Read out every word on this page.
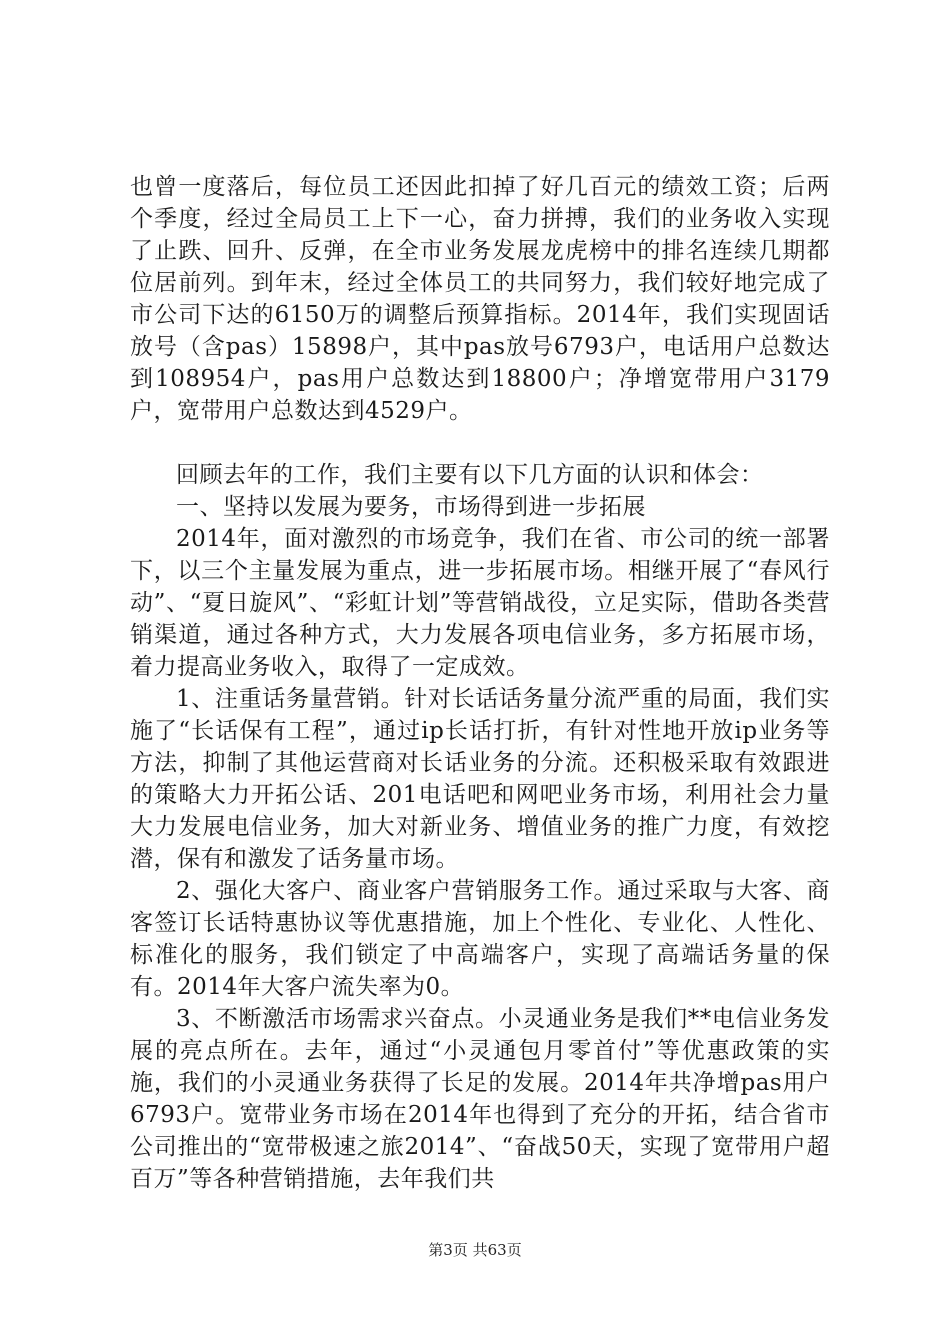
也曾一度落后，每位员工还因此扣掉了好几百元的绩效工资；后两个季度，经过全局员工上下一心，奋力拼搏，我们的业务收入实现了止跌、回升、反弹，在全市业务发展龙虎榜中的排名连续几期都位居前列。到年末，经过全体员工的共同努力，我们较好地完成了市公司下达的6150万的调整后预算指标。2014年，我们实现固话放号（含pas）15898户，其中pas放号6793户，电话用户总数达到108954户，pas用户总数达到18800户；净增宽带用户3179户，宽带用户总数达到4529户。

回顾去年的工作，我们主要有以下几方面的认识和体会：

一、坚持以发展为要务，市场得到进一步拓展

2014年，面对激烈的市场竞争，我们在省、市公司的统一部署下，以三个主量发展为重点，进一步拓展市场。相继开展了“春风行动”、“夏日旋风”、“彩虹计划”等营销战役，立足实际，借助各类营销渠道，通过各种方式，大力发展各项电信业务，多方拓展市场，着力提高业务收入，取得了一定成效。

1、注重话务量营销。针对长话话务量分流严重的局面，我们实施了“长话保有工程”，通过ip长话打折，有针对性地开放ip业务等方法，抑制了其他运营商对长话业务的分流。还积极采取有效跟进的策略大力开拓公话、201电话吧和网吧业务市场，利用社会力量大力发展电信业务，加大对新业务、增值业务的推广力度，有效挖潜，保有和激发了话务量市场。

2、强化大客户、商业客户营销服务工作。通过采取与大客、商客签订长话特惠协议等优惠措施，加上个性化、专业化、人性化、标准化的服务，我们锁定了中高端客户，实现了高端话务量的保有。2014年大客户流失率为0。

3、不断激活市场需求兴奋点。小灵通业务是我们**电信业务发展的亮点所在。去年，通过“小灵通包月零首付”等优惠政策的实施，我们的小灵通业务获得了长足的发展。2014年共净增pas用户6793户。宽带业务市场在2014年也得到了充分的开拓，结合省市公司推出的“宽带极速之旅2014”、“奋战50天，实现了宽带用户超百万”等各种营销措施，去年我们共

第3页 共63页
